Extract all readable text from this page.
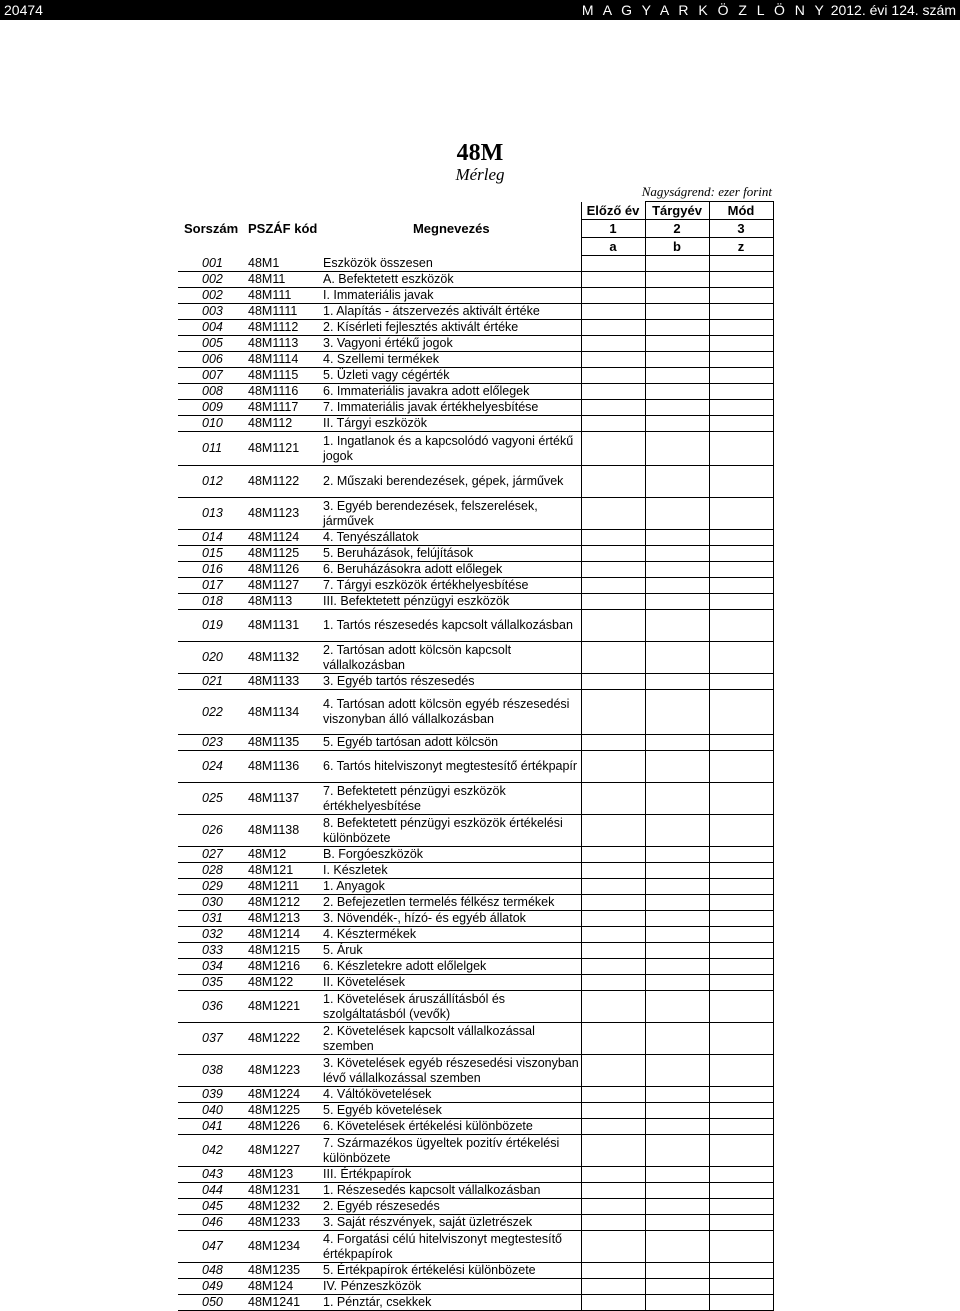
20474	M A G Y A R K Ö Z L Ö N Y 2012. évi 124. szám
48M
Mérleg
Nagyságrend: ezer forint
Sorszám	PSZÁF kód	Megnevezés	Előző év	Tárgyév	Mód
			1	2	3
			a	b	z
001	48M1	Eszközök összesen			
002	48M11	A. Befektetett eszközök			
002	48M111	I. Immateriális javak			
003	48M1111	1. Alapítás - átszervezés aktivált értéke			
004	48M1112	2. Kísérleti fejlesztés aktivált értéke			
005	48M1113	3. Vagyoni értékű jogok			
006	48M1114	4. Szellemi termékek			
007	48M1115	5. Üzleti vagy cégérték			
008	48M1116	6. Immateriális javakra adott előlegek			
009	48M1117	7. Immateriális javak értékhelyesbítése			
010	48M112	II. Tárgyi eszközök			
011	48M1121	1. Ingatlanok és a kapcsolódó vagyoni értékű jogok			
012	48M1122	2. Műszaki berendezések, gépek, járművek			
013	48M1123	3. Egyéb berendezések, felszerelések, járművek			
014	48M1124	4. Tenyészállatok			
015	48M1125	5. Beruházások, felújítások			
016	48M1126	6. Beruházásokra adott előlegek			
017	48M1127	7. Tárgyi eszközök értékhelyesbítése			
018	48M113	III. Befektetett pénzügyi eszközök			
019	48M1131	1. Tartós részesedés kapcsolt vállalkozásban			
020	48M1132	2. Tartósan adott kölcsön kapcsolt vállalkozásban			
021	48M1133	3. Egyéb tartós részesedés			
022	48M1134	4. Tartósan adott kölcsön egyéb részesedési viszonyban álló vállalkozásban			
023	48M1135	5. Egyéb tartósan adott kölcsön			
024	48M1136	6. Tartós hitelviszonyt megtestesítő értékpapír			
025	48M1137	7. Befektetett pénzügyi eszközök értékhelyesbítése			
026	48M1138	8. Befektetett pénzügyi eszközök értékelési különbözete			
027	48M12	B. Forgóeszközök			
028	48M121	I. Készletek			
029	48M1211	1. Anyagok			
030	48M1212	2. Befejezetlen termelés félkész termékek			
031	48M1213	3. Növendék-, hízó- és egyéb állatok			
032	48M1214	4. Késztermékek			
033	48M1215	5. Áruk			
034	48M1216	6. Készletekre adott előlelgek			
035	48M122	II. Követelések			
036	48M1221	1. Követelések áruszállításból és szolgáltatásból (vevők)			
037	48M1222	2. Követelések kapcsolt vállalkozással szemben			
038	48M1223	3. Követelések egyéb részesedési viszonyban lévő vállalkozással szemben			
039	48M1224	4. Váltókövetelések			
040	48M1225	5. Egyéb követelések			
041	48M1226	6. Követelések értékelési különbözete			
042	48M1227	7. Származékos ügyeltek pozitív értékelési különbözete			
043	48M123	III. Értékpapírok			
044	48M1231	1. Részesedés kapcsolt vállalkozásban			
045	48M1232	2. Egyéb részesedés			
046	48M1233	3. Saját részvények, saját üzletrészek			
047	48M1234	4. Forgatási célú hitelviszonyt megtestesítő értékpapírok			
048	48M1235	5. Értékpapírok értékelési különbözete			
049	48M124	IV. Pénzeszközök			
050	48M1241	1. Pénztár, csekkek			
